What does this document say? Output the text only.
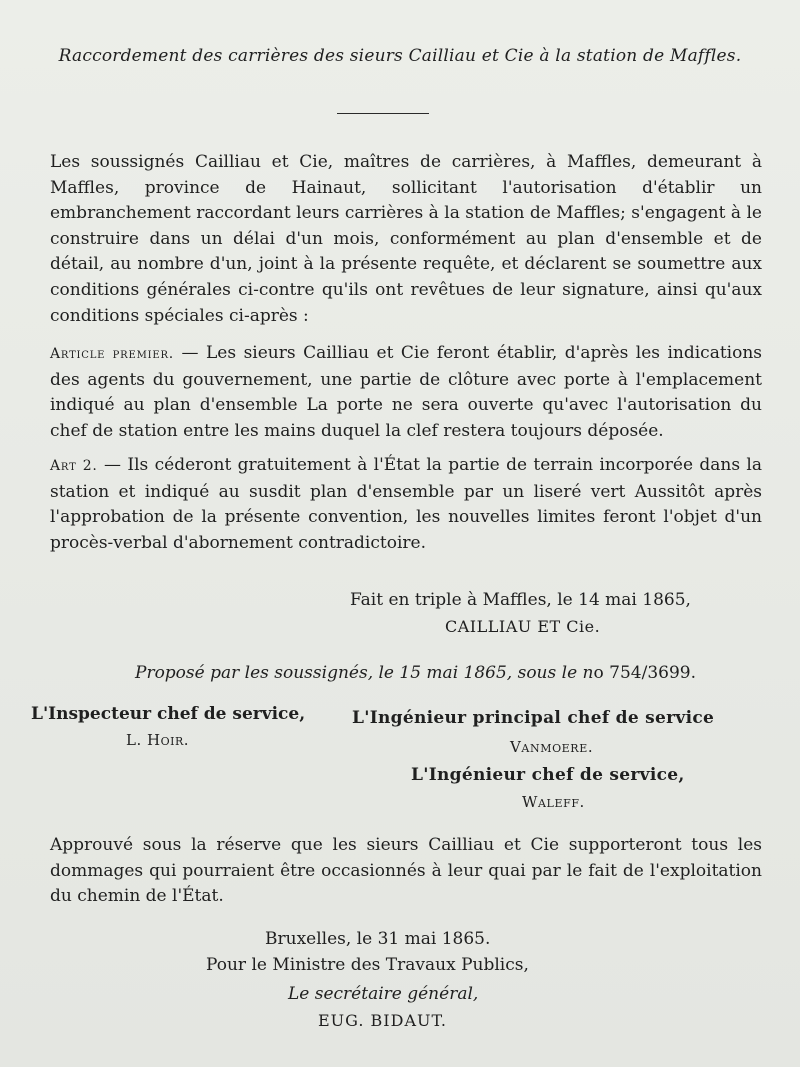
Raccordement des carrières des sieurs Cailliau et Cie à la station de Maffles.
Les soussignés Cailliau et Cie, maîtres de carrières, à Maffles, demeurant à Maffles, province de Hainaut, sollicitant l'autorisation d'établir un embranchement raccordant leurs carrières à la station de Maffles; s'engagent à le construire dans un délai d'un mois, conformément au plan d'ensemble et de détail, au nombre d'un, joint à la présente requête, et déclarent se soumettre aux conditions générales ci-contre qu'ils ont revêtues de leur signature, ainsi qu'aux conditions spéciales ci-après :
Article premier. — Les sieurs Cailliau et Cie feront établir, d'après les indications des agents du gouvernement, une partie de clôture avec porte à l'emplacement indiqué au plan d'ensemble La porte ne sera ouverte qu'avec l'autorisation du chef de station entre les mains duquel la clef restera toujours déposée.
Art 2. — Ils céderont gratuitement à l'État la partie de terrain incorporée dans la station et indiqué au susdit plan d'ensemble par un liseré vert Aussitôt après l'approbation de la présente convention, les nouvelles limites feront l'objet d'un procès-verbal d'abornement contradictoire.
Fait en triple à Maffles, le 14 mai 1865,
CAILLIAU ET Cie.
Proposé par les soussignés, le 15 mai 1865, sous le no 754/3699.
L'Inspecteur chef de service,
L. Hoir.
L'Ingénieur principal chef de service
Vanmoere.
L'Ingénieur chef de service,
Waleff.
Approuvé sous la réserve que les sieurs Cailliau et Cie supporteront tous les dommages qui pourraient être occasionnés à leur quai par le fait de l'exploitation du chemin de l'État.
Bruxelles, le 31 mai 1865.
Pour le Ministre des Travaux Publics,
Le secrétaire général,
EUG. BIDAUT.
